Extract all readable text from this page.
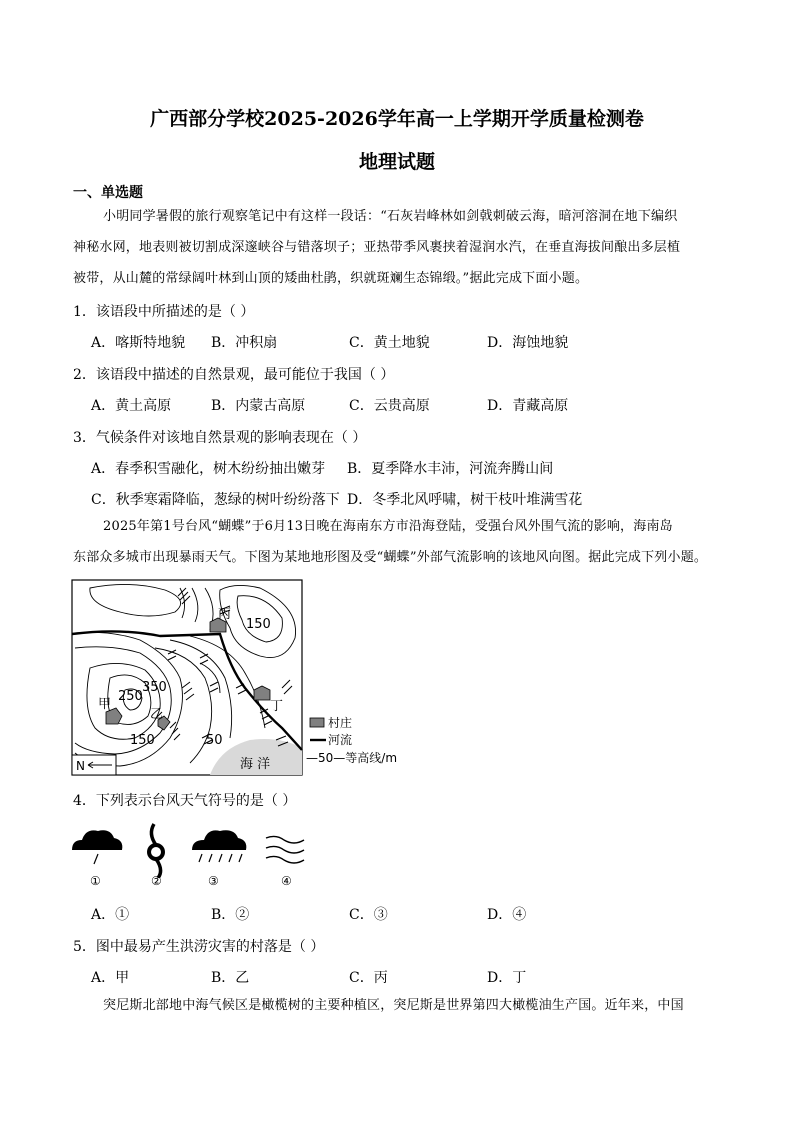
广西部分学校2025-2026学年高一上学期开学质量检测卷
地理试题
一、单选题

小明同学暑假的旅行观察笔记中有这样一段话：“石灰岩峰林如剑戟刺破云海，暗河溶洞在地下编织

神秘水网，地表则被切割成深邃峡谷与错落坝子；亚热带季风裹挟着湿润水汽，在垂直海拔间酿出多层植

被带，从山麓的常绿阔叶林到山顶的矮曲杜鹃，织就斑斓生态锦缎。”据此完成下面小题。

1．该语段中所描述的是（ ）
A．喀斯特地貌 B．冲积扇	C．黄土地貌	D．海蚀地貌
2．该语段中描述的自然景观，最可能位于我国（ ）
A．黄土高原	B．内蒙古高原	C．云贵高原	D．青藏高原
3．气候条件对该地自然景观的影响表现在（ ）
A．春季积雪融化，树木纷纷抽出嫩芽 B．夏季降水丰沛，河流奔腾山间
C．秋季寒霜降临，葱绿的树叶纷纷落下 D．冬季北风呼啸，树干枝叶堆满雪花

2025年第1号台风“蝴蝶”于6月13日晚在海南东方市沿海登陆，受强台风外围气流的影响，海南岛

东部众多城市出现暴雨天气。下图为某地地形图及受“蝴蝶”外部气流影响的该地风向图。据此完成下列小题。

150
250
350
150	50
丙
丁
甲
乙
海 洋
N
村庄
河流
—50—等高线/m
4．下列表示台风天气符号的是（ ）
①	②	③	④
A．①	B．②	C．③	D．④
5．图中最易产生洪涝灾害的村落是（ ）
A．甲	B．乙	C．丙	D．丁

突尼斯北部地中海气候区是橄榄树的主要种植区，突尼斯是世界第四大橄榄油生产国。近年来，中国
